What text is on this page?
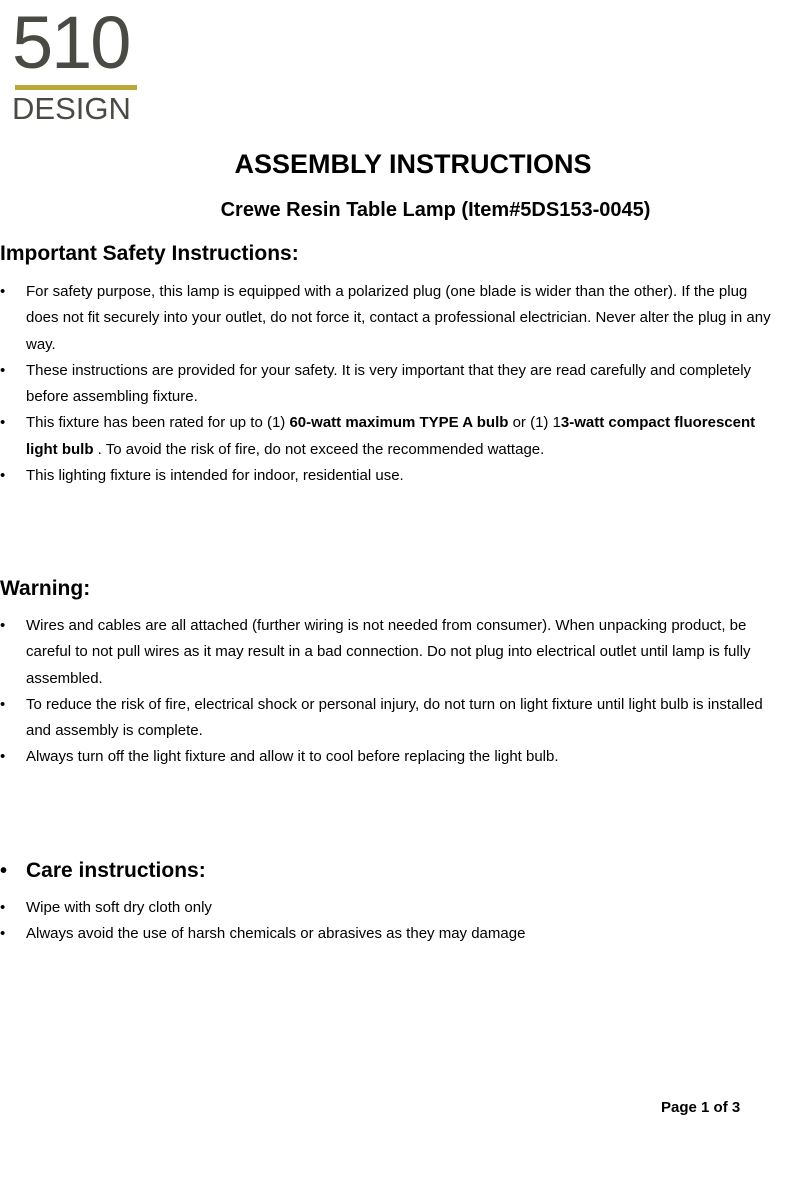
510
DESIGN
ASSEMBLY INSTRUCTIONS
Crewe Resin Table Lamp (Item#5DS153-0045)
Important Safety Instructions:
• For safety purpose, this lamp is equipped with a polarized plug (one blade is wider than the other). If the plug does not fit securely into your outlet, do not force it, contact a professional electrician. Never alter the plug in any way.
• These instructions are provided for your safety. It is very important that they are read carefully and completely before assembling fixture.
• This fixture has been rated for up to (1) 60-watt maximum TYPE A bulb or (1) 13-watt compact fluorescent light bulb . To avoid the risk of fire, do not exceed the recommended wattage.
• This lighting fixture is intended for indoor, residential use.
Warning:
• Wires and cables are all attached (further wiring is not needed from consumer). When unpacking product, be careful to not pull wires as it may result in a bad connection. Do not plug into electrical outlet until lamp is fully assembled.
• To reduce the risk of fire, electrical shock or personal injury, do not turn on light fixture until light bulb is installed and assembly is complete.
• Always turn off the light fixture and allow it to cool before replacing the light bulb.
• Care instructions:
• Wipe with soft dry cloth only
• Always avoid the use of harsh chemicals or abrasives as they may damage
Page 1 of 3
